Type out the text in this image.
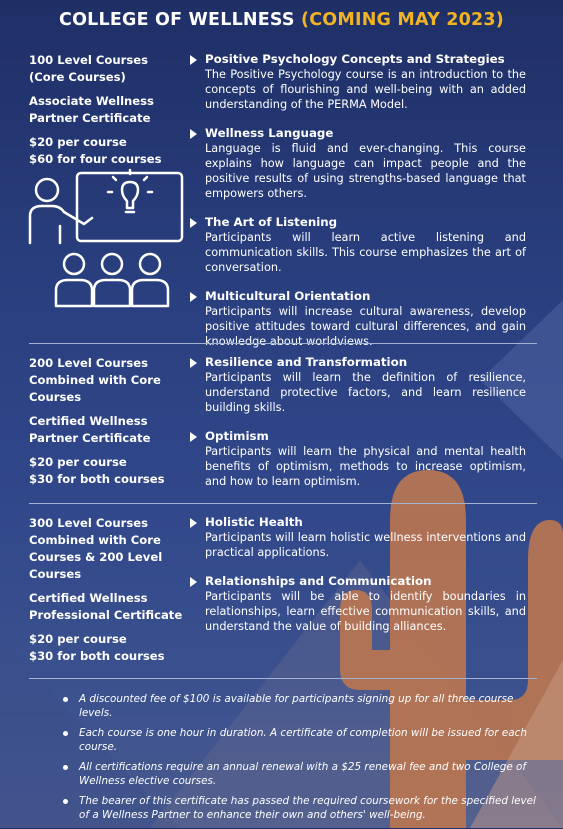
COLLEGE OF WELLNESS (COMING MAY 2023)

100 Level Courses
(Core Courses)

Associate Wellness
Partner Certificate

$20 per course
$60 for four courses

Positive Psychology Concepts and Strategies
The Positive Psychology course is an introduction to the concepts of flourishing and well-being with an added understanding of the PERMA Model.
Wellness Language
Language is fluid and ever-changing. This course explains how language can impact people and the positive results of using strengths-based language that empowers others.
The Art of Listening
Participants will learn active listening and communication skills. This course emphasizes the art of conversation.
Multicultural Orientation
Participants will increase cultural awareness, develop positive attitudes toward cultural differences, and gain knowledge about worldviews.

200 Level Courses
Combined with Core
Courses

Certified Wellness
Partner Certificate

$20 per course
$30 for both courses

Resilience and Transformation
Participants will learn the definition of resilience, understand protective factors, and learn resilience building skills.
Optimism
Participants will learn the physical and mental health benefits of optimism, methods to increase optimism, and how to learn optimism.

300 Level Courses
Combined with Core
Courses & 200 Level
Courses

Certified Wellness
Professional Certificate

$20 per course
$30 for both courses

Holistic Health
Participants will learn holistic wellness interventions and practical applications.
Relationships and Communication
Participants will be able to identify boundaries in relationships, learn effective communication skills, and understand the value of building alliances.
A discounted fee of $100 is available for participants signing up for all three course levels.
Each course is one hour in duration. A certificate of completion will be issued for each course.
All certifications require an annual renewal with a $25 renewal fee and two College of Wellness elective courses.
The bearer of this certificate has passed the required coursework for the specified level of a Wellness Partner to enhance their own and others' well-being.
